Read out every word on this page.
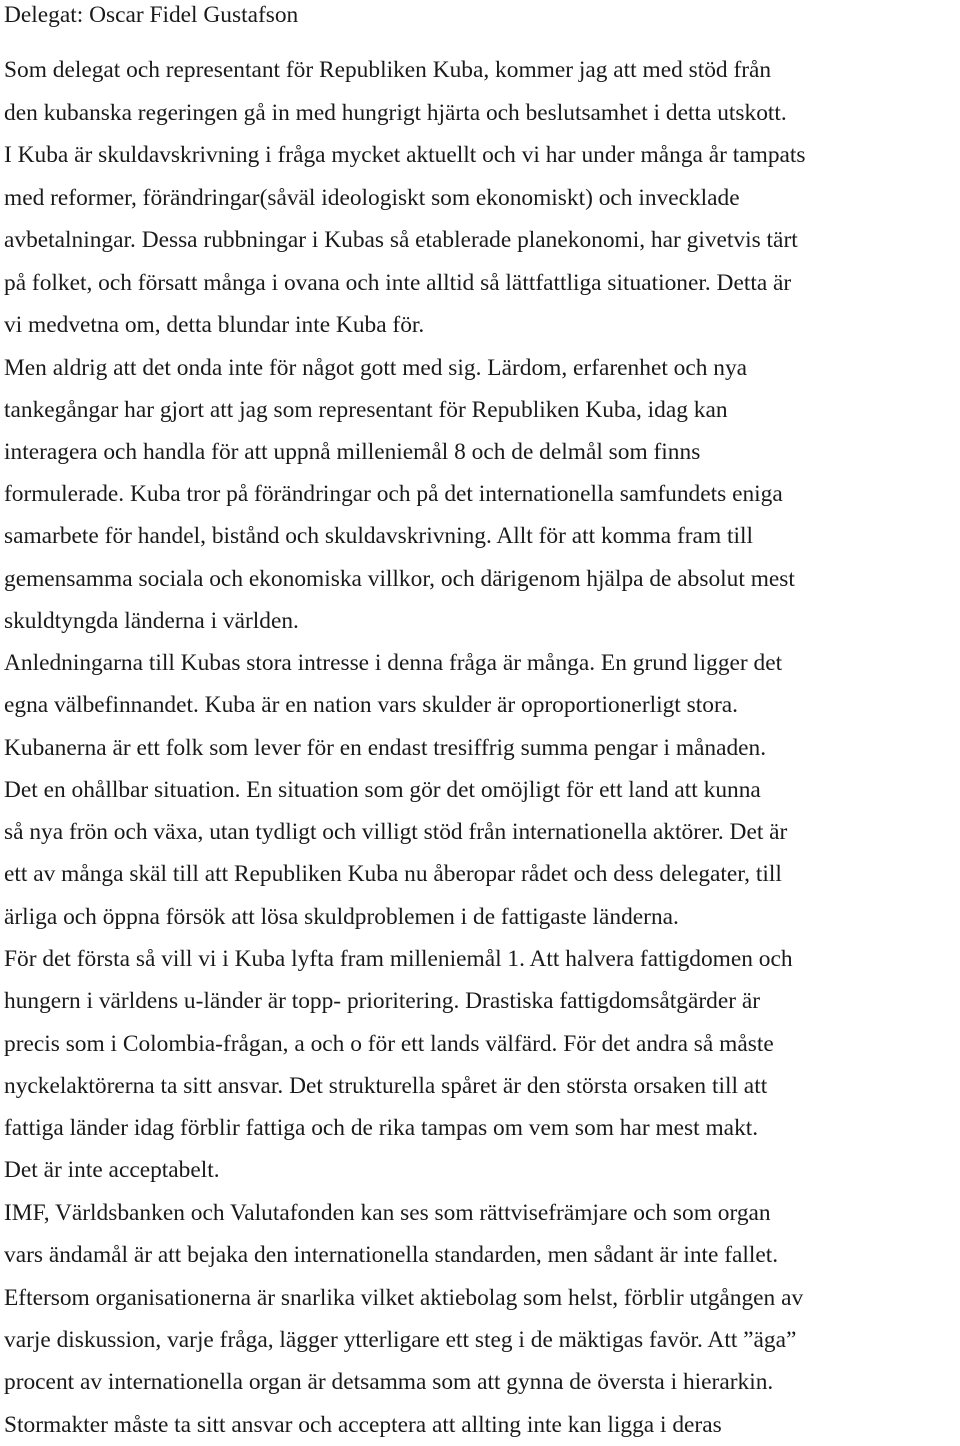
Delegat: Oscar Fidel Gustafson
Som delegat och representant för Republiken Kuba, kommer jag att med stöd från
den kubanska regeringen gå in med hungrigt hjärta och beslutsamhet i detta utskott.
I Kuba är skuldavskrivning i fråga mycket aktuellt och vi har under många år tampats
med reformer, förändringar(såväl ideologiskt som ekonomiskt) och invecklade
avbetalningar. Dessa rubbningar i Kubas så etablerade planekonomi, har givetvis tärt
på folket, och försatt många i ovana och inte alltid så lättfattliga situationer. Detta är
vi medvetna om, detta blundar inte Kuba för.
Men aldrig att det onda inte för något gott med sig. Lärdom, erfarenhet och nya
tankegångar har gjort att jag som representant för Republiken Kuba, idag kan
interagera och handla för att uppnå milleniemål 8 och de delmål som finns
formulerade. Kuba tror på förändringar och på det internationella samfundets eniga
samarbete för handel, bistånd och skuldavskrivning. Allt för att komma fram till
gemensamma sociala och ekonomiska villkor, och därigenom hjälpa de absolut mest
skuldtyngda länderna i världen.
Anledningarna till Kubas stora intresse i denna fråga är många. En grund ligger det
egna välbefinnandet. Kuba är en nation vars skulder är oproportionerligt stora.
Kubanerna är ett folk som lever för en endast tresiffrig summa pengar i månaden.
Det en ohållbar situation. En situation som gör det omöjligt för ett land att kunna
så nya frön och växa, utan tydligt och villigt stöd från internationella aktörer. Det är
ett av många skäl till att Republiken Kuba nu åberopar rådet och dess delegater, till
ärliga och öppna försök att lösa skuldproblemen i de fattigaste länderna.
För det första så vill vi i Kuba lyfta fram milleniemål 1. Att halvera fattigdomen och
hungern i världens u-länder är topp- prioritering. Drastiska fattigdomsåtgärder är
precis som i Colombia-frågan, a och o för ett lands välfärd. För det andra så måste
nyckelaktörerna ta sitt ansvar. Det strukturella spåret är den största orsaken till att
fattiga länder idag förblir fattiga och de rika tampas om vem som har mest makt.
Det är inte acceptabelt.
IMF, Världsbanken och Valutafonden kan ses som rättvisefrämjare och som organ
vars ändamål är att bejaka den internationella standarden, men sådant är inte fallet.
Eftersom organisationerna är snarlika vilket aktiebolag som helst, förblir utgången av
varje diskussion, varje fråga, lägger ytterligare ett steg i de mäktigas favör. Att ”äga”
procent av internationella organ är detsamma som att gynna de översta i hierarkin.
Stormakter måste ta sitt ansvar och acceptera att allting inte kan ligga i deras
